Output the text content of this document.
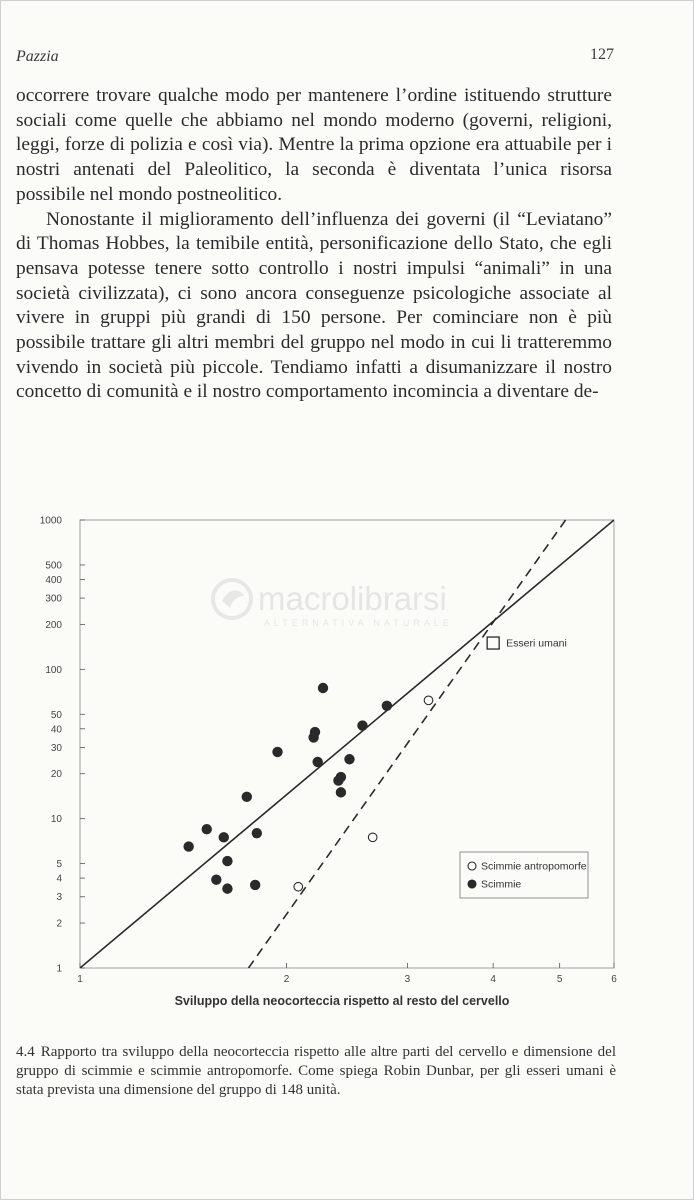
Pazzia	127

occorrere trovare qualche modo per mantenere l’ordine istituendo strutture sociali come quelle che abbiamo nel mondo moderno (governi, religioni, leggi, forze di polizia e così via). Mentre la prima opzione era attuabile per i nostri antenati del Paleolitico, la seconda è diventata l’unica risorsa possibile nel mondo postneolitico.

Nonostante il miglioramento dell’influenza dei governi (il “Leviatano” di Thomas Hobbes, la temibile entità, personificazione dello Stato, che egli pensava potesse tenere sotto controllo i nostri impulsi “animali” in una società civilizzata), ci sono ancora conseguenze psicologiche associate al vivere in gruppi più grandi di 150 persone. Per cominciare non è più possibile trattare gli altri membri del gruppo nel modo in cui li tratteremmo vivendo in società più piccole. Tendiamo infatti a disumanizzare il nostro concetto di comunità e il nostro comportamento incomincia a diventare de-

1
2
3
4
5
10
20
30
40
50
100
200
300
400
500
1000
1	2	3	4	5	6
Esseri umani
Scimmie antropomorfe
Scimmie
macrolibrarsi
ALTERNATIVA NATURALE
Sviluppo della neocorteccia rispetto al resto del cervello
4.4 Rapporto tra sviluppo della neocorteccia rispetto alle altre parti del cervello e dimensione del gruppo di scimmie e scimmie antropomorfe. Come spiega Robin Dunbar, per gli esseri umani è stata prevista una dimensione del gruppo di 148 unità.
